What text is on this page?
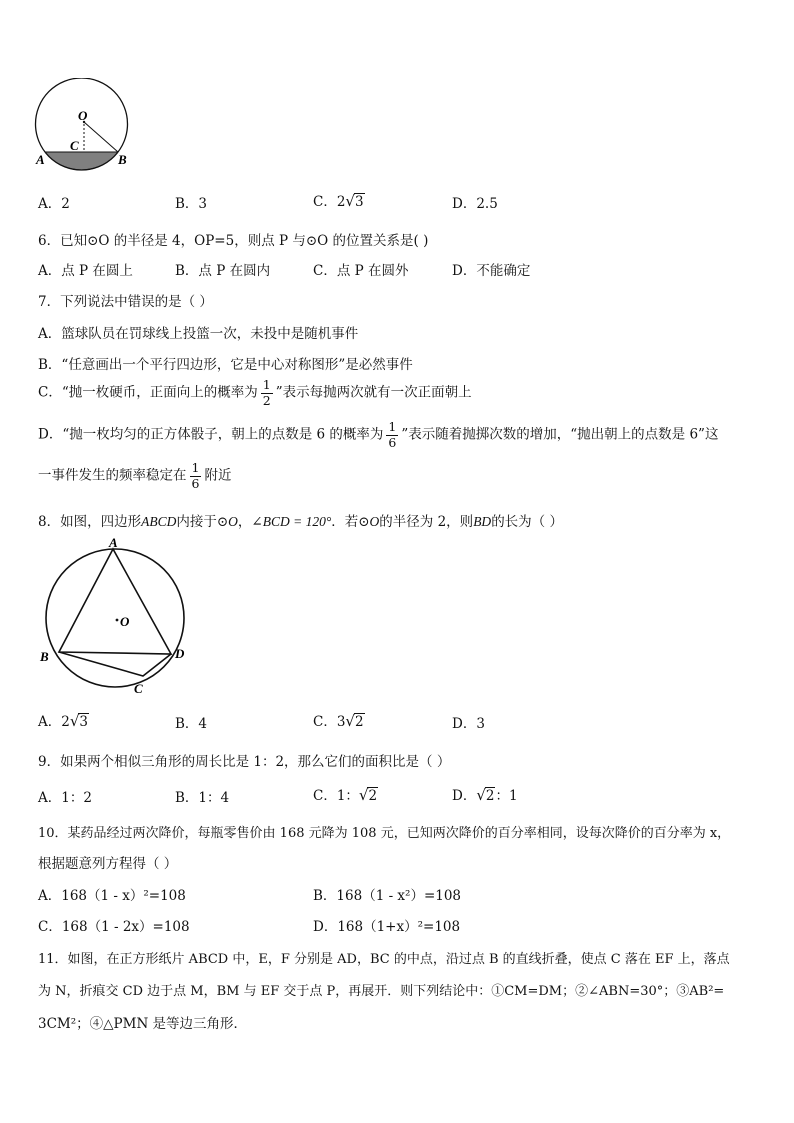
O
C
A	B
A．2	B．3	C．2√3	D．2.5
6．已知⊙O 的半径是 4，OP=5，则点 P 与⊙O 的位置关系是( )
A．点 P 在圆上	B．点 P 在圆内	C．点 P 在圆外	D．不能确定
7．下列说法中错误的是（ ）
A．篮球队员在罚球线上投篮一次，未投中是随机事件
B．“任意画出一个平行四边形，它是中心对称图形”是必然事件
C．“抛一枚硬币，正面向上的概率为 $\frac{1}{2}$ ”表示每抛两次就有一次正面朝上
D．“抛一枚均匀的正方体骰子，朝上的点数是 6 的概率为 $\frac{1}{6}$ ”表示随着抛掷次数的增加，“抛出朝上的点数是 6”这
一事件发生的频率稳定在 $\frac{1}{6}$ 附近
8．如图，四边形ABCD内接于⊙O，∠BCD = 120°．若⊙O的半径为 2，则BD的长为（ ）
A
O
B	D
C
A．2√3	B．4	C．3√2	D．3
9．如果两个相似三角形的周长比是 1：2，那么它们的面积比是（ ）
A．1：2	B．1：4	C．1：√2	D．√2：1
10．某药品经过两次降价，每瓶零售价由 168 元降为 108 元，已知两次降价的百分率相同，设每次降价的百分率为 x，
根据题意列方程得（ ）
A．168（1 - x）²=108	B．168（1 - x²）=108
C．168（1 - 2x）=108	D．168（1+x）²=108
11．如图，在正方形纸片 ABCD 中，E，F 分别是 AD，BC 的中点，沿过点 B 的直线折叠，使点 C 落在 EF 上，落点
为 N，折痕交 CD 边于点 M，BM 与 EF 交于点 P，再展开．则下列结论中：①CM=DM；②∠ABN=30°；③AB²=
3CM²；④△PMN 是等边三角形．
